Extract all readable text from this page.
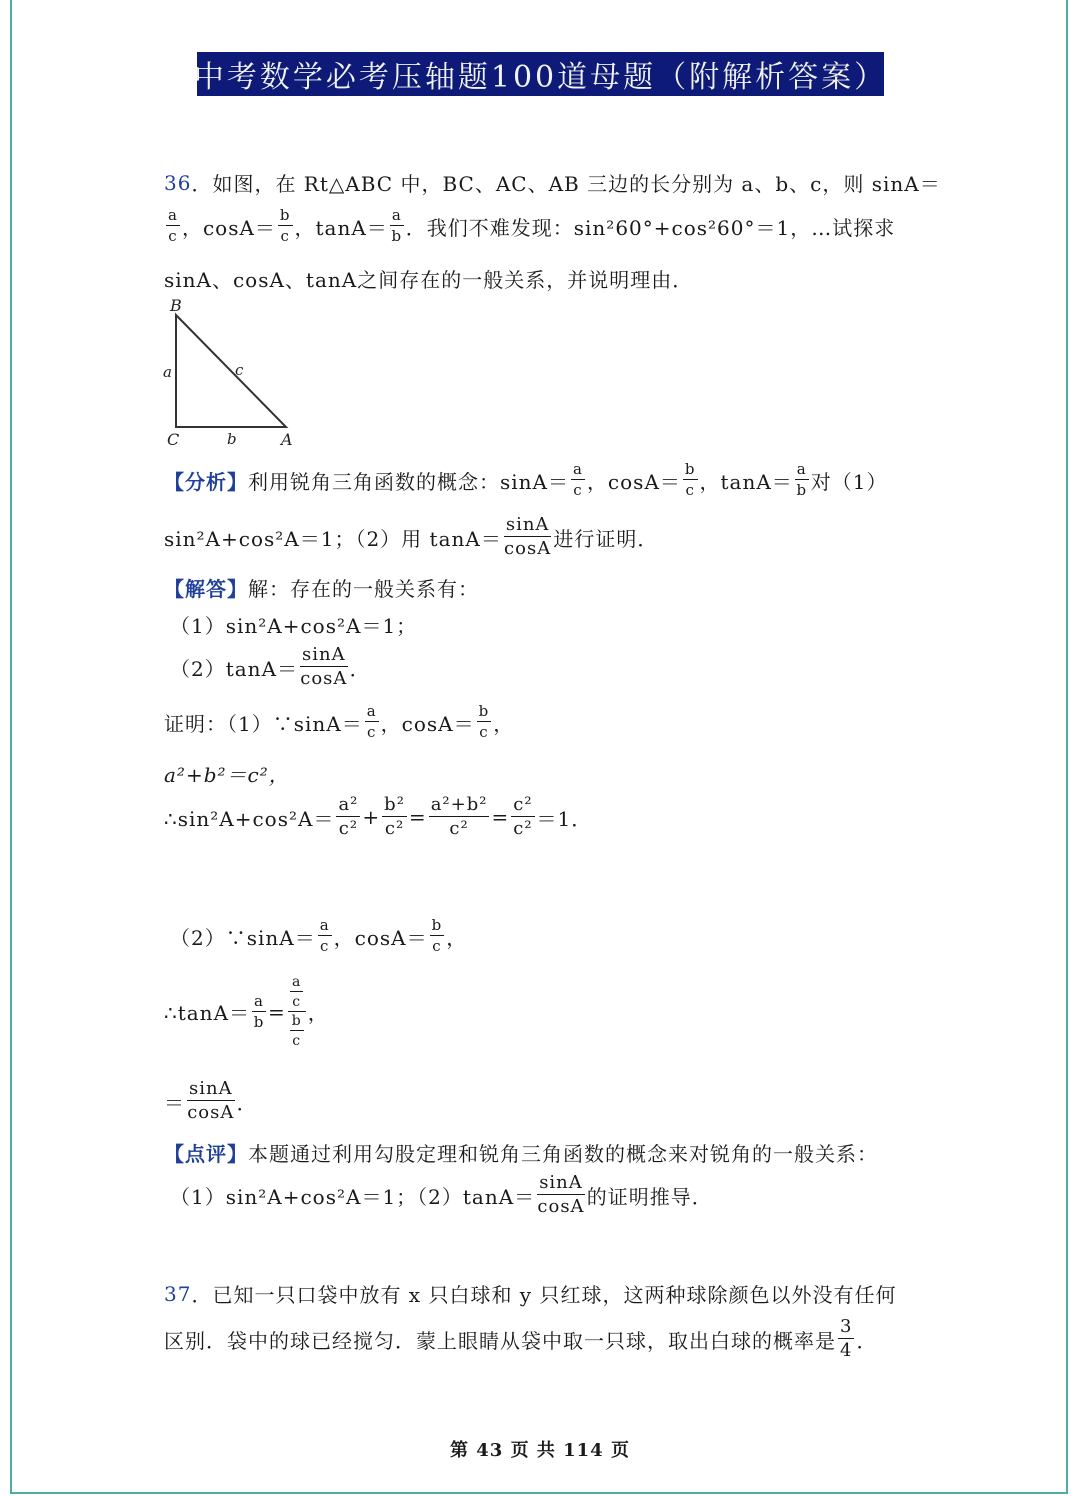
中考数学必考压轴题100道母题（附解析答案）
36 ．如图，在 Rt△ABC 中，BC、AC、AB 三边的长分别为 a、b、c，则 sinA＝
$\frac{a}{c}$ ，$\cos A= \frac{b}{c}$ ，$\tan A= \frac{a}{b}$ ．我们不难发现：sin²60°+cos²60°＝1，…试探求
sinA、cosA、tanA之间存在的一般关系，并说明理由．
B
C	A
a
b
c
【分析】 利用锐角三角函数的概念：$\sin A= \frac{a}{c}$ ，$\cos A= \frac{b}{c}$ ，$\tan A= \frac{a}{b}$ 对（1）
sin²A+cos²A＝1；（2）用 $\tan A= \frac{\sin A}{\cos A}$ 进行证明．
【解答】 解：存在的一般关系有：
（1）sin²A+cos²A＝1；
$(2)\tan A= \frac{\sin A}{\cos A}$ ．
证明：（1）∵sinA＝ $\frac{a}{c}$ ，$\cos A= \frac{b}{c}$ ，
a²+b²＝c²，
∴sin²A+cos²A＝ $\frac{\text{a²}}{\text{c²}} + \frac{\text{b²}}{\text{c²}} = \frac{\text{a²+b²}}{\text{c²}} = \frac{\text{c²}}{\text{c²}} =1$．
（2）∵sinA＝ $\frac{a}{c}$ ，$\cos A= \frac{b}{c}$ ，
∴tanA＝ $\frac{a}{b}$ =
$\frac{a}{c}$
$\frac{b}{c}$
，
＝ $\frac{\sin A}{\cos A}$ ．
【点评】 本题通过利用勾股定理和锐角三角函数的概念来对锐角的一般关系：
（1）sin²A+cos²A＝1；$(2)\tan A= \frac{\sin A}{\cos A}$ 的证明推导．
37 ．已知一只口袋中放有 x 只白球和 y 只红球，这两种球除颜色以外没有任何
区别．袋中的球已经搅匀．蒙上眼睛从袋中取一只球，取出白球的概率是 $\frac{3}{4}$ ．
第 43 页 共 114 页
